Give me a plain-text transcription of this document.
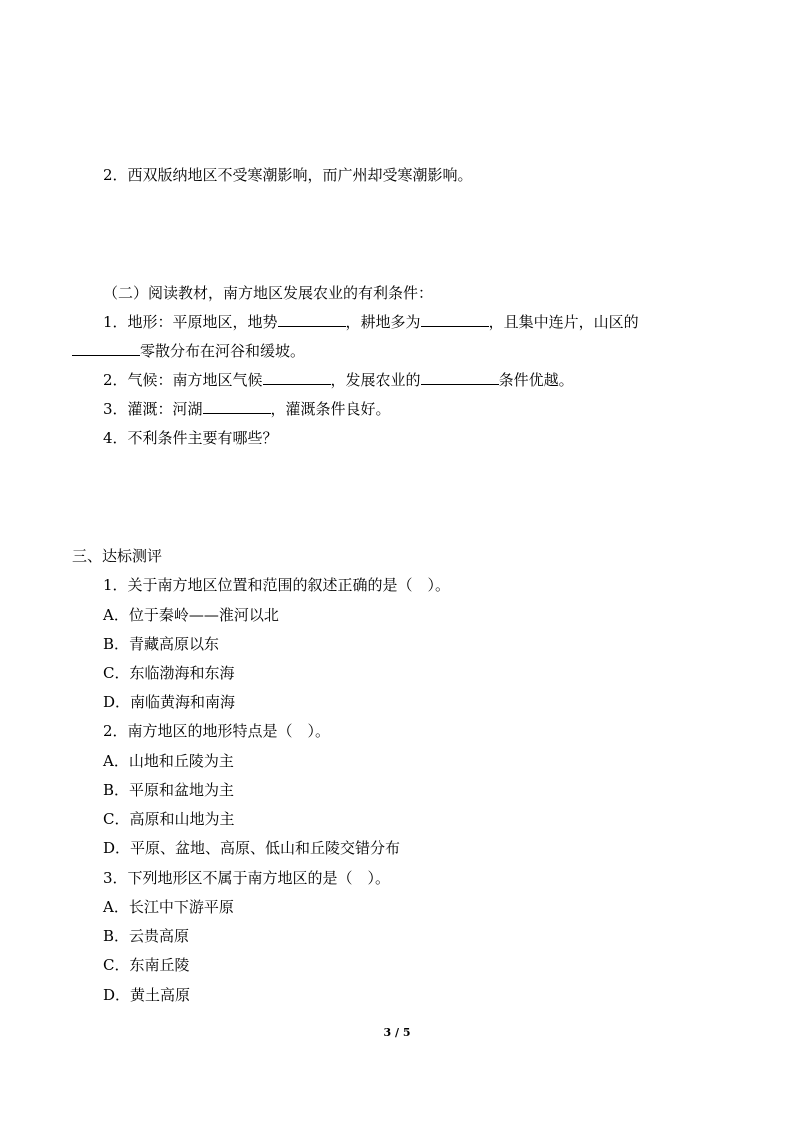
2．西双版纳地区不受寒潮影响，而广州却受寒潮影响。
（二）阅读教材，南方地区发展农业的有利条件：
1．地形：平原地区，地势	，耕地多为	，且集中连片，山区的
零散分布在河谷和缓坡。
2．气候：南方地区气候	，发展农业的	条件优越。
3．灌溉：河湖	，灌溉条件良好。
4．不利条件主要有哪些？
三、达标测评
1．关于南方地区位置和范围的叙述正确的是（　）。
A．位于秦岭——淮河以北
B．青藏高原以东
C．东临渤海和东海
D．南临黄海和南海
2．南方地区的地形特点是（　）。
A．山地和丘陵为主
B．平原和盆地为主
C．高原和山地为主
D．平原、盆地、高原、低山和丘陵交错分布
3．下列地形区不属于南方地区的是（　）。
A．长江中下游平原
B．云贵高原
C．东南丘陵
D．黄土高原
3 / 5
